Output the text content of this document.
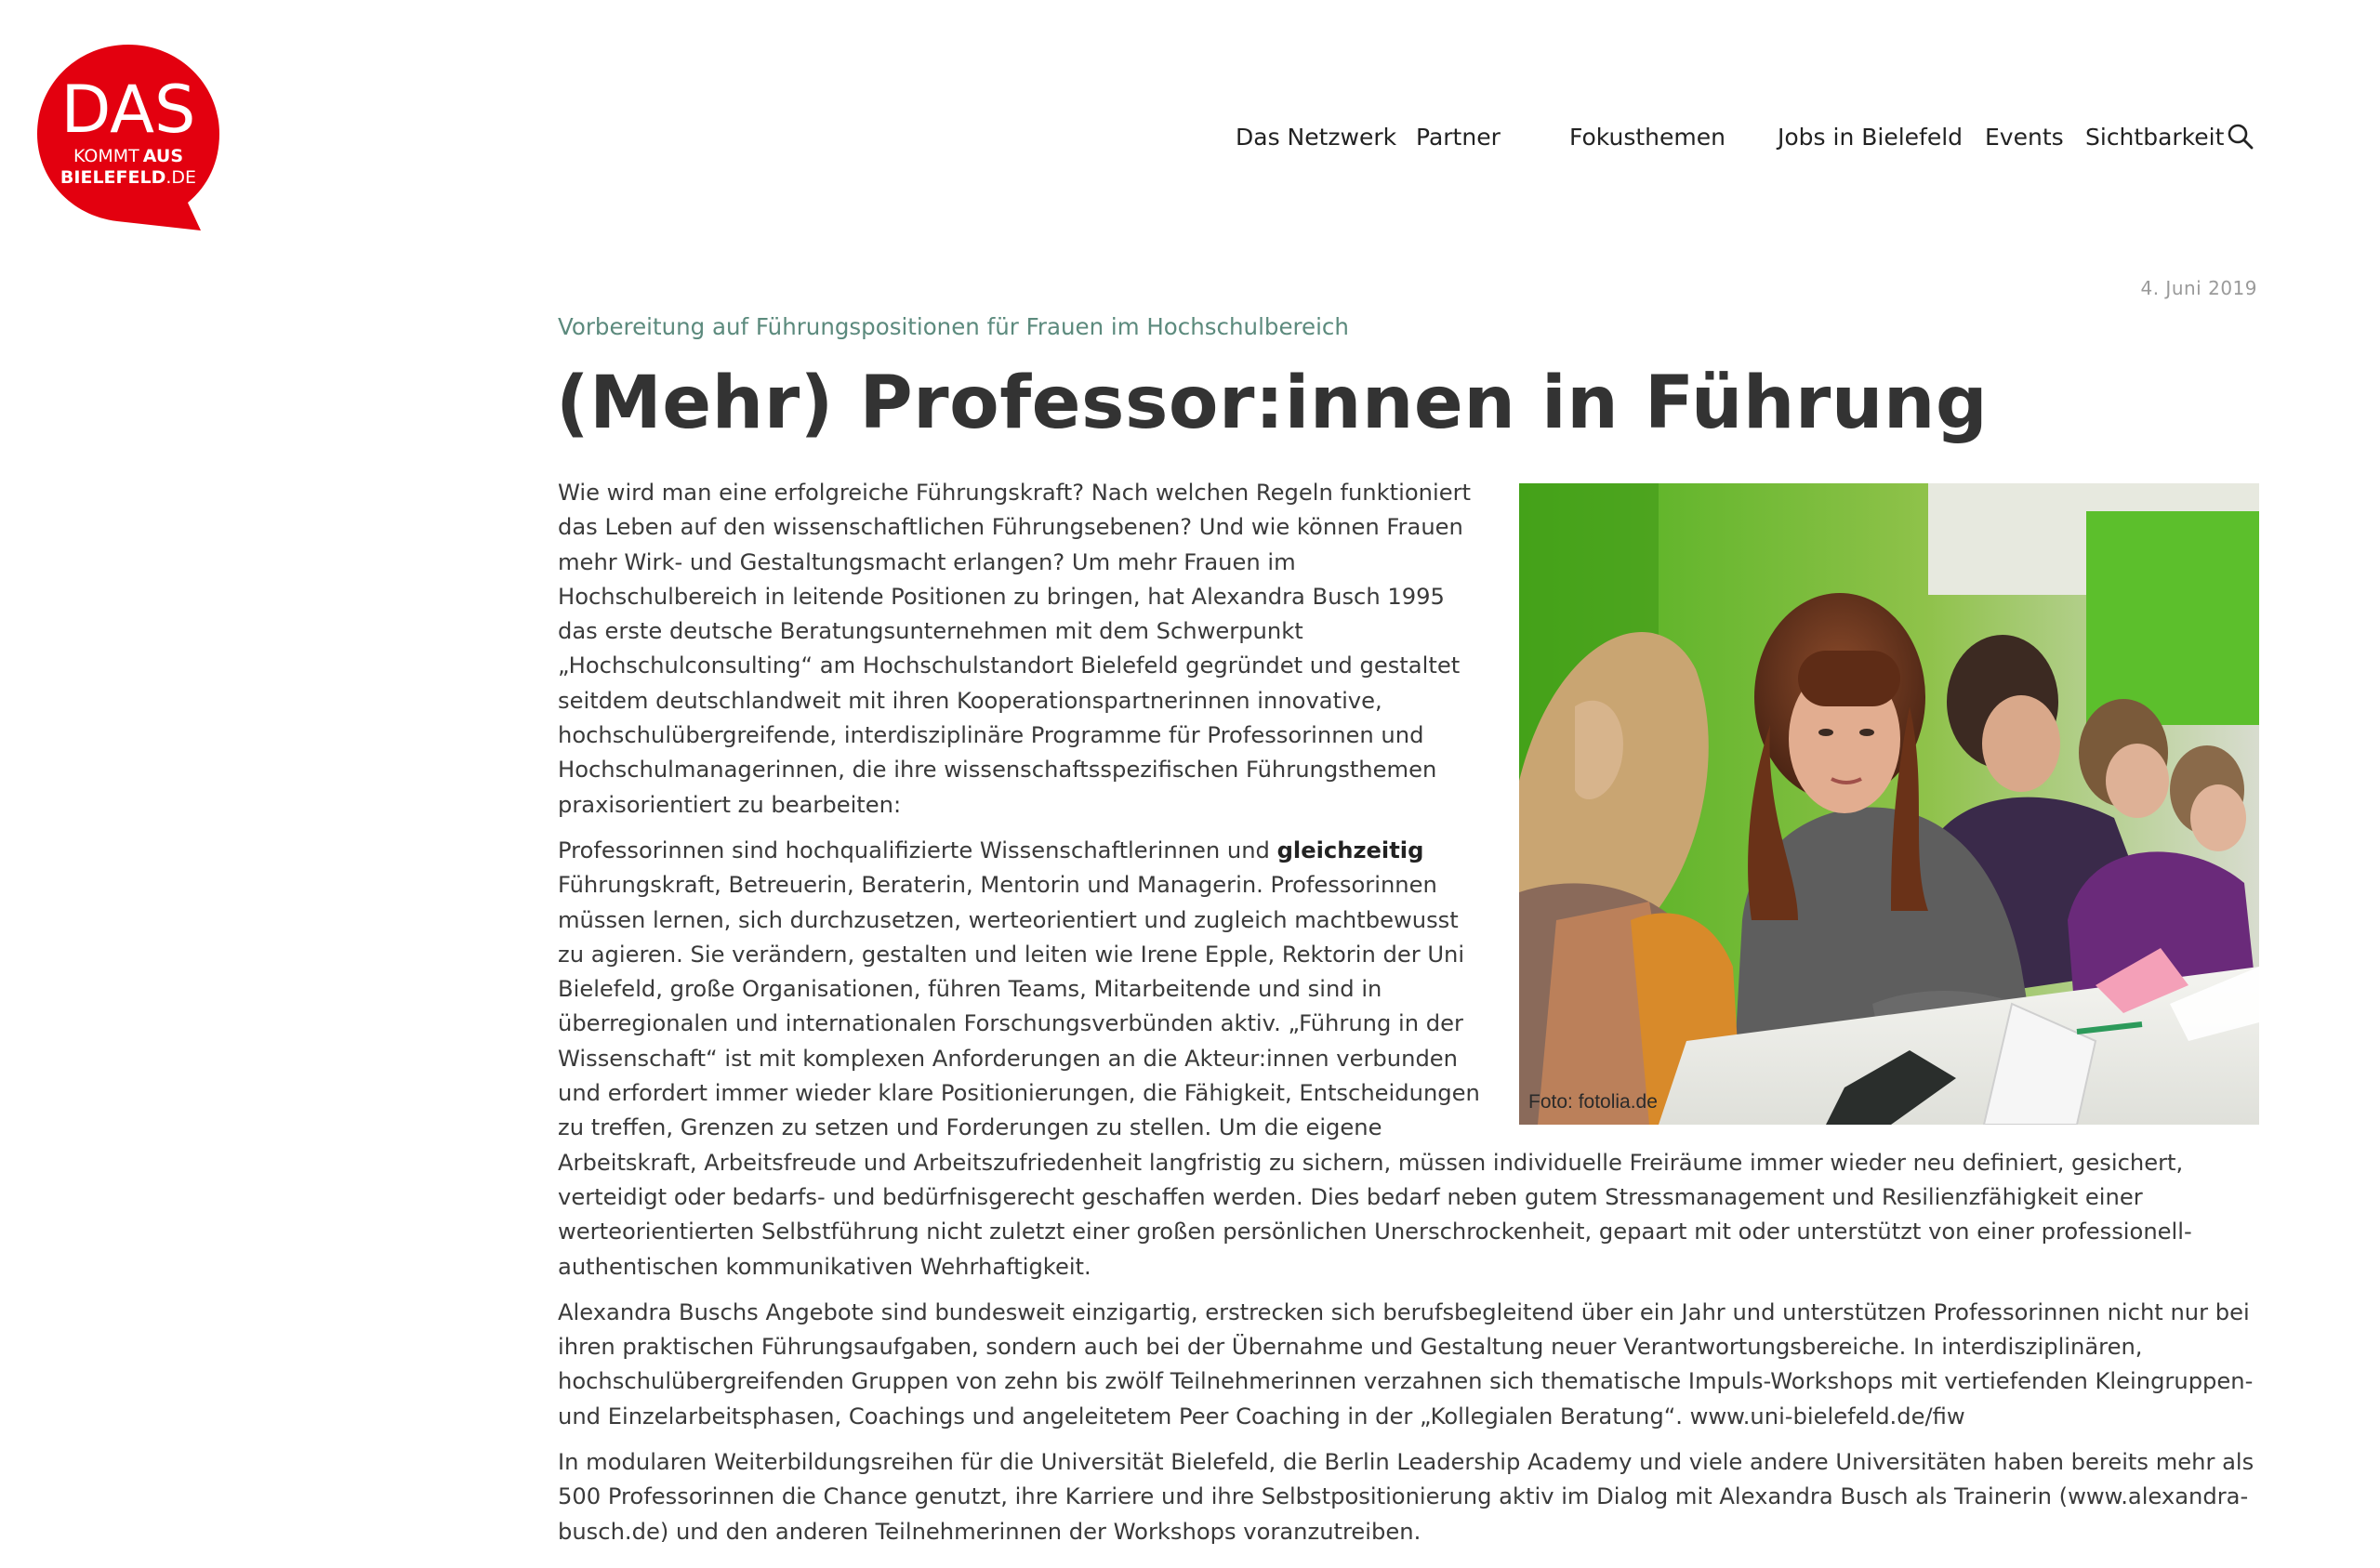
DAS
KOMMT AUS
BIELEFELD.DE
Das Netzwerk Partner	Fokusthemen Jobs in Bielefeld Events Sichtbarkeit
4. Juni 2019
Vorbereitung auf Führungspositionen für Frauen im Hochschulbereich
(Mehr) Professor:innen in Führung
Foto: fotolia.de

Wie wird man eine erfolgreiche Führungskraft? Nach welchen Regeln funktioniert das Leben auf den wissenschaftlichen Führungsebenen? Und wie können Frauen mehr Wirk- und Gestaltungsmacht erlangen? Um mehr Frauen im Hochschulbereich in leitende Positionen zu bringen, hat Alexandra Busch 1995 das erste deutsche Beratungsunternehmen mit dem Schwerpunkt „Hochschulconsulting“ am Hochschulstandort Bielefeld gegründet und gestaltet seitdem deutschlandweit mit ihren Kooperationspartnerinnen innovative, hochschulübergreifende, interdisziplinäre Programme für Professorinnen und Hochschulmanagerinnen, die ihre wissenschaftsspezifischen Führungsthemen praxisorientiert zu bearbeiten:

Professorinnen sind hochqualifizierte Wissenschaftlerinnen und gleichzeitig Führungskraft, Betreuerin, Beraterin, Mentorin und Managerin. Professorinnen müssen lernen, sich durchzusetzen, werteorientiert und zugleich machtbewusst zu agieren. Sie verändern, gestalten und leiten wie Irene Epple, Rektorin der Uni Bielefeld, große Organisationen, führen Teams, Mitarbeitende und sind in überregionalen und internationalen Forschungsverbünden aktiv. „Führung in der Wissenschaft“ ist mit komplexen Anforderungen an die Akteur:innen verbunden und erfordert immer wieder klare Positionierungen, die Fähigkeit, Entscheidungen zu treffen, Grenzen zu setzen und Forderungen zu stellen. Um die eigene Arbeitskraft, Arbeitsfreude und Arbeitszufriedenheit langfristig zu sichern, müssen individuelle Freiräume immer wieder neu definiert, gesichert, verteidigt oder bedarfs- und bedürfnisgerecht geschaffen werden. Dies bedarf neben gutem Stressmanagement und Resilienzfähigkeit einer werteorientierten Selbstführung nicht zuletzt einer großen persönlichen Unerschrockenheit, gepaart mit oder unterstützt von einer professionell-authentischen kommunikativen Wehrhaftigkeit.

Alexandra Buschs Angebote sind bundesweit einzigartig, erstrecken sich berufsbegleitend über ein Jahr und unterstützen Professorinnen nicht nur bei ihren praktischen Führungsaufgaben, sondern auch bei der Übernahme und Gestaltung neuer Verantwortungsbereiche. In interdisziplinären, hochschulübergreifenden Gruppen von zehn bis zwölf Teilnehmerinnen verzahnen sich thematische Impuls-Workshops mit vertiefenden Kleingruppen- und Einzelarbeitsphasen, Coachings und angeleitetem Peer Coaching in der „Kollegialen Beratung“. www.uni-bielefeld.de/fiw

In modularen Weiterbildungsreihen für die Universität Bielefeld, die Berlin Leadership Academy und viele andere Universitäten haben bereits mehr als 500 Professorinnen die Chance genutzt, ihre Karriere und ihre Selbstpositionierung aktiv im Dialog mit Alexandra Busch als Trainerin (www.alexandra-busch.de) und den anderen Teilnehmerinnen der Workshops voranzutreiben.
